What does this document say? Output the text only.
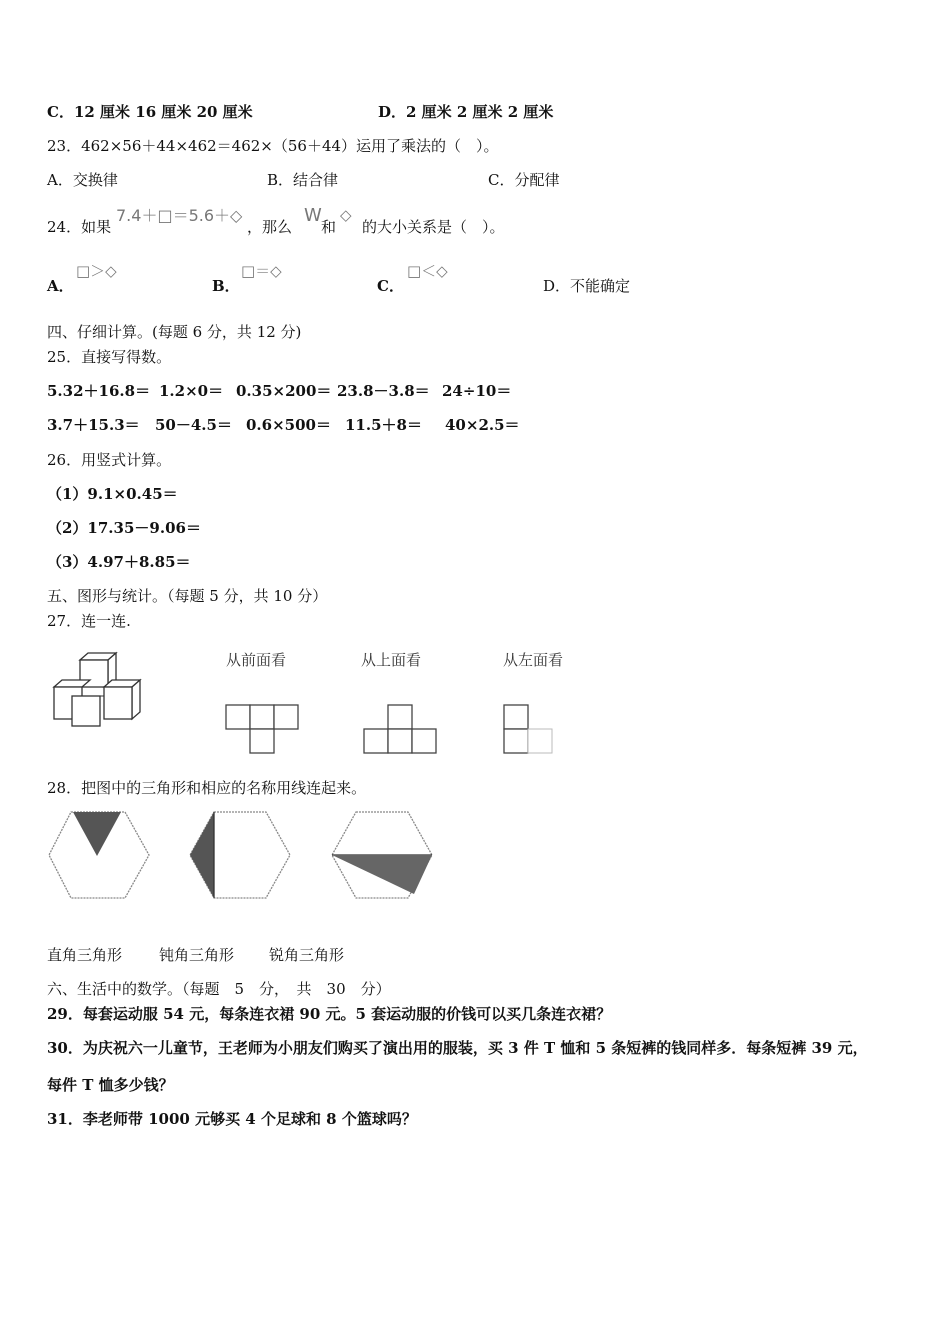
C．12 厘米 16 厘米 20 厘米	D．2 厘米 2 厘米 2 厘米
23．462×56＋44×462＝462×（56＋44）运用了乘法的（　）。
A．交换律	B．结合律	C．分配律
24．如果
7.4＋□＝5.6＋◇
，那么
W
和
◇
的大小关系是（　）。
A．
□＞◇
B．
□＝◇
C．
□＜◇
D．不能确定
四、仔细计算。(每题 6 分，共 12 分)
25．直接写得数。
5.32＋16.8＝ 1.2×0＝ 0.35×200＝ 23.8－3.8＝ 24÷10＝
3.7＋15.3＝ 50－4.5＝ 0.6×500＝ 11.5＋8＝ 40×2.5＝
26．用竖式计算。
（1）9.1×0.45＝
（2）17.35－9.06＝
（3）4.97＋8.85＝
五、图形与统计。（每题 5 分，共 10 分）
27．连一连.
从前面看	从上面看	从左面看
28．把图中的三角形和相应的名称用线连起来。
直角三角形 钝角三角形 锐角三角形
六、生活中的数学。（每题　5　分，　共　30　分）
29．每套运动服 54 元，每条连衣裙 90 元。5 套运动服的价钱可以买几条连衣裙？
30．为庆祝六一儿童节，王老师为小朋友们购买了演出用的服装，买 3 件 T 恤和 5 条短裤的钱同样多．每条短裤 39 元，
每件 T 恤多少钱？
31．李老师带 1000 元够买 4 个足球和 8 个篮球吗？
